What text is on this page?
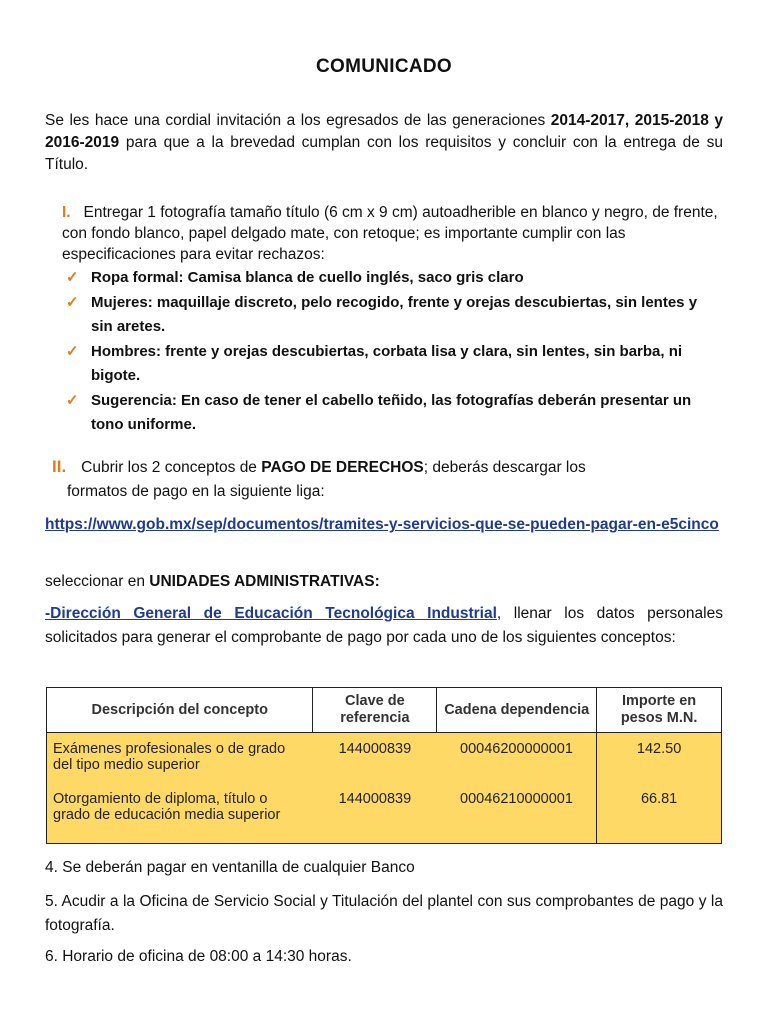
COMUNICADO
Se les hace una cordial invitación a los egresados de las generaciones 2014-2017, 2015-2018 y 2016-2019 para que a la brevedad cumplan con los requisitos y concluir con la entrega de su Título.
I. Entregar 1 fotografía tamaño título (6 cm x 9 cm) autoadherible en blanco y negro, de frente, con fondo blanco, papel delgado mate, con retoque; es importante cumplir con las especificaciones para evitar rechazos:
✓ Ropa formal: Camisa blanca de cuello inglés, saco gris claro
✓ Mujeres: maquillaje discreto, pelo recogido, frente y orejas descubiertas, sin lentes y sin aretes.
✓ Hombres: frente y orejas descubiertas, corbata lisa y clara, sin lentes, sin barba, ni bigote.
✓ Sugerencia: En caso de tener el cabello teñido, las fotografías deberán presentar un tono uniforme.
II. Cubrir los 2 conceptos de PAGO DE DERECHOS; deberás descargar los
formatos de pago en la siguiente liga:
https://www.gob.mx/sep/documentos/tramites-y-servicios-que-se-pueden-pagar-en-e5cinco
seleccionar en UNIDADES ADMINISTRATIVAS:
-Dirección General de Educación Tecnológica Industrial, llenar los datos personales solicitados para generar el comprobante de pago por cada uno de los siguientes conceptos:
Descripción del concepto	Clave de referencia	Cadena dependencia	Importe en pesos M.N.
Exámenes profesionales o de grado del tipo medio superior	144000839	00046200000001	142.50
Otorgamiento de diploma, título o grado de educación media superior	144000839	00046210000001	66.81
4. Se deberán pagar en ventanilla de cualquier Banco
5. Acudir a la Oficina de Servicio Social y Titulación del plantel con sus comprobantes de pago y la fotografía.
6. Horario de oficina de 08:00 a 14:30 horas.
